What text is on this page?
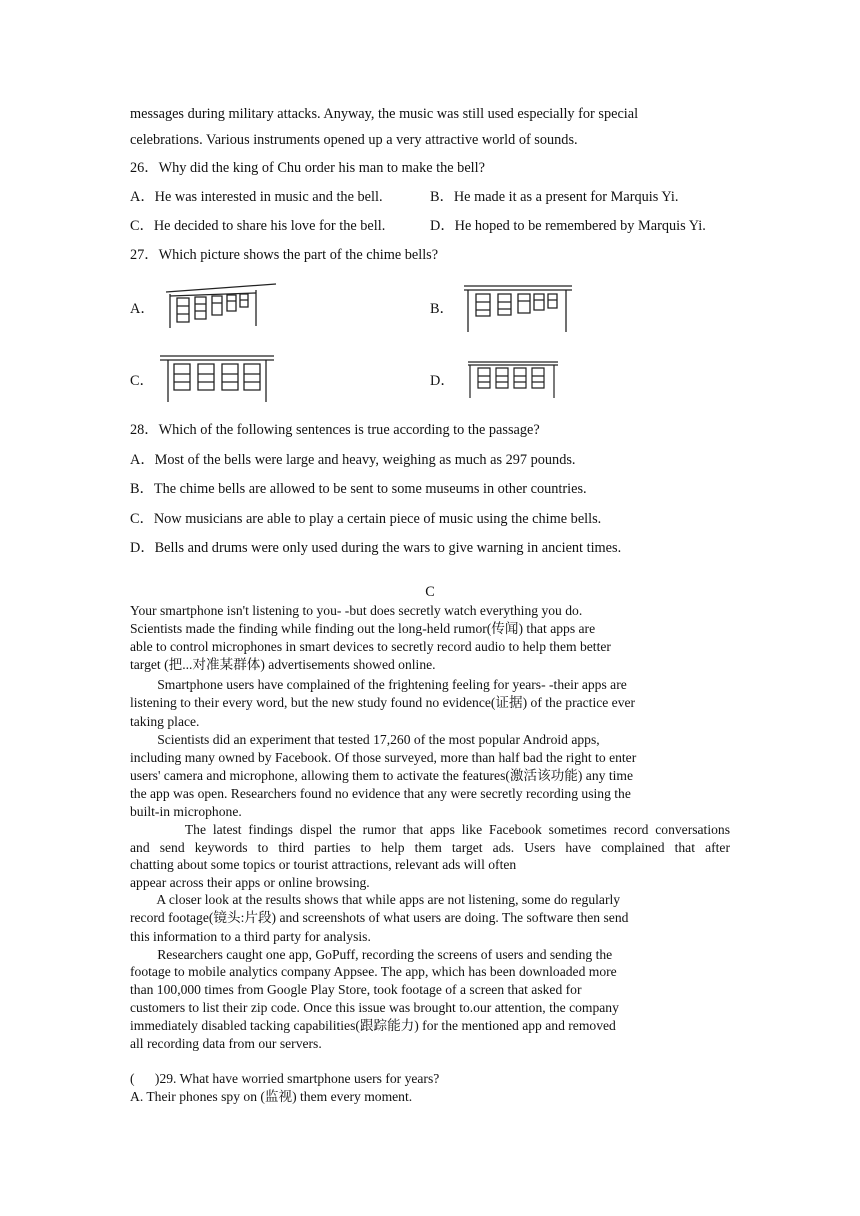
messages during military attacks. Anyway, the music was still used especially for special
celebrations. Various instruments opened up a very attractive world of sounds.
26．Why did the king of Chu order his man to make the bell?
A．He was interested in music and the bell.	B．He made it as a present for Marquis Yi.
C．He decided to share his love for the bell.	D．He hoped to be remembered by Marquis Yi.
27．Which picture shows the part of the chime bells?
A．	B．
C．	D．
28．Which of the following sentences is true according to the passage?
A．Most of the bells were large and heavy, weighing as much as 297 pounds.
B．The chime bells are allowed to be sent to some museums in other countries.
C．Now musicians are able to play a certain piece of music using the chime bells.
D．Bells and drums were only used during the wars to give warning in ancient times.
C
Your smartphone isn't listening to you- -but does secretly watch everything you do.
Scientists made the finding while finding out the long-held rumor(传闻) that apps are
able to control microphones in smart devices to secretly record audio to help them better
target (把...对准某群体) advertisements showed online.
Smartphone users have complained of the frightening feeling for years- -their apps are
listening to their every word, but the new study found no evidence(证据) of the practice ever
taking place.
Scientists did an experiment that tested 17,260 of the most popular Android apps,
including many owned by Facebook. Of those surveyed, more than half bad the right to enter
users' camera and microphone, allowing them to activate the features(激活该功能) any time
the app was open. Researchers found no evidence that any were secretly recording using the
built-in microphone.
The latest findings dispel the rumor that apps like Facebook sometimes record conversations
and send keywords to third parties to help them target ads. Users have complained that after
chatting about some topics or tourist attractions, relevant ads will often
appear across their apps or online browsing.
A closer look at the results shows that while apps are not listening, some do regularly
record footage(镜头:片段) and screenshots of what users are doing. The software then send
this information to a third party for analysis.
Researchers caught one app, GoPuff, recording the screens of users and sending the
footage to mobile analytics company Appsee. The app, which has been downloaded more
than 100,000 times from Google Play Store, took footage of a screen that asked for
customers to list their zip code. Once this issue was brought to.our attention, the company
immediately disabled tacking capabilities(跟踪能力) for the mentioned app and removed
all recording data from our servers.
(      )29. What have worried smartphone users for years?
A. Their phones spy on (监视) them every moment.
